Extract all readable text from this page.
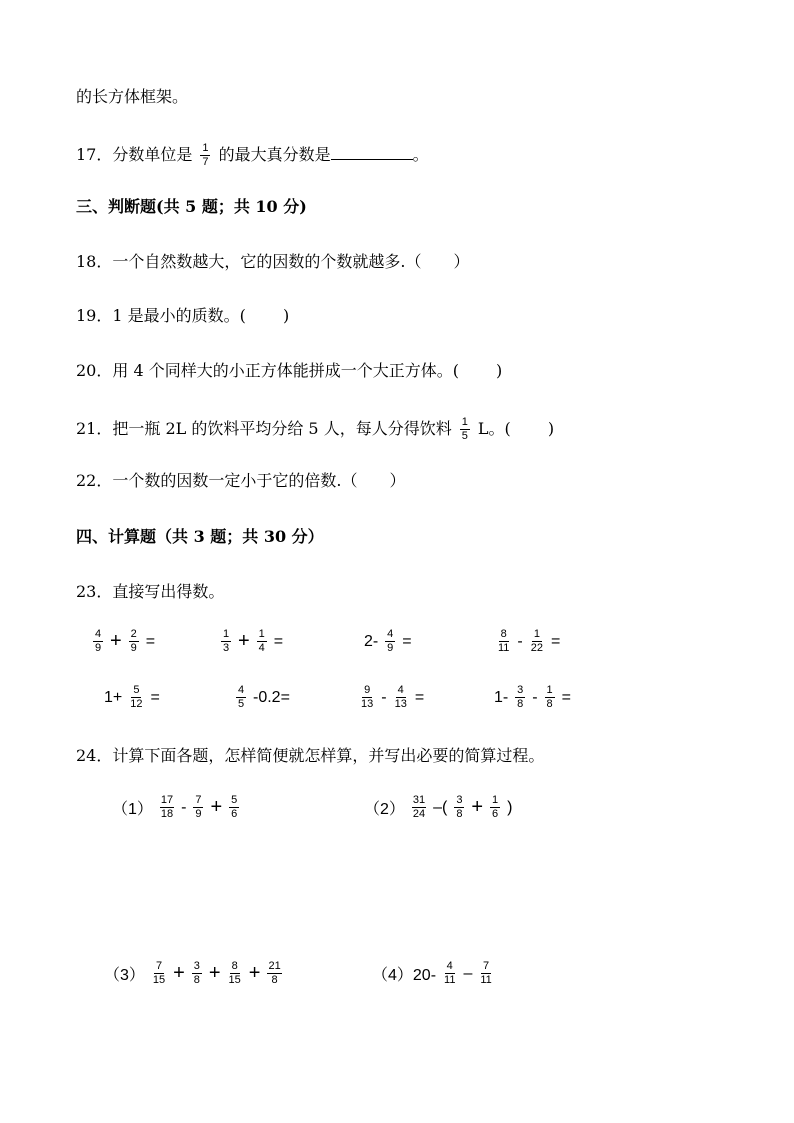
的长方体框架。
17．分数单位是 $\frac{1}{7}$ 的最大真分数是	。
三、判断题(共 5 题；共 10 分)
18．一个自然数越大，它的因数的个数就越多.（　　）
19．1 是最小的质数。(　　 )
20．用 4 个同样大的小正方体能拼成一个大正方体。(　　 )
21．把一瓶 2L 的饮料平均分给 5 人，每人分得饮料 $\frac{1}{5}$ L。(　　 )
22．一个数的因数一定小于它的倍数.（　　）
四、计算题（共 3 题；共 30 分）
23．直接写出得数。
$\frac{4}{9} + \frac{2}{9}$ =	$\frac{1}{3} + \frac{1}{4}$ =	$2- \frac{4}{9}$ =	$\frac{8}{11} - \frac{1}{22}$ =
$1+ \frac{5}{12}$ =	$\frac{4}{5} -0.2=$	$\frac{9}{13} - \frac{4}{13}$ =	$1- \frac{3}{8} - \frac{1}{8}$ =
24．计算下面各题，怎样简便就怎样算，并写出必要的简算过程。
$(1) \frac{17}{18} - \frac{7}{9} + \frac{5}{6}$	$(2) \frac{31}{24}$ –( $\frac{3}{8} + \frac{1}{6}$ )
$(3) \frac{7}{15} + \frac{3}{8} + \frac{8}{15} + \frac{21}{8}$	$(4)20- \frac{4}{11} - \frac{7}{11}$
